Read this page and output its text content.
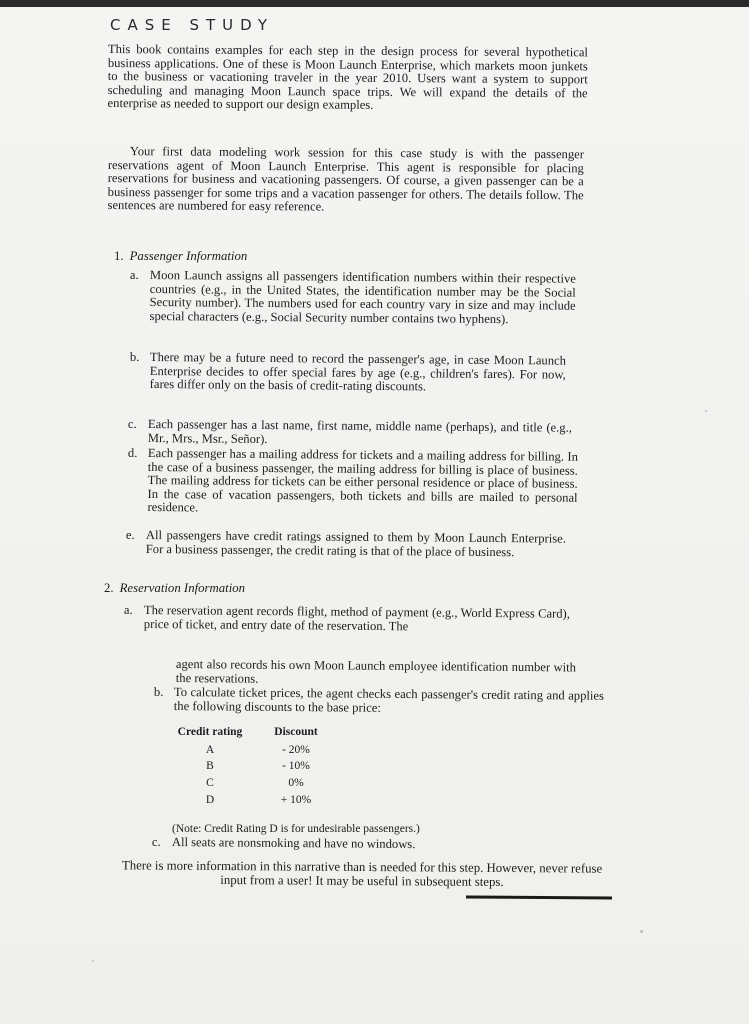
CASE STUDY

This book contains examples for each step in the design process for several hypothetical business applications. One of these is Moon Launch Enterprise, which markets moon junkets to the business or vacationing traveler in the year 2010. Users want a system to support scheduling and managing Moon Launch space trips. We will expand the details of the enterprise as needed to support our design examples.

Your first data modeling work session for this case study is with the passenger reservations agent of Moon Launch Enterprise. This agent is responsible for placing reservations for business and vacationing passengers. Of course, a given passenger can be a business passenger for some trips and a vacation passenger for others. The details follow. The sentences are numbered for easy reference.

1. Passenger Information
a. Moon Launch assigns all passengers identification numbers within their respective countries (e.g., in the United States, the identification number may be the Social Security number). The numbers used for each country vary in size and may include special characters (e.g., Social Security number contains two hyphens).
b. There may be a future need to record the passenger's age, in case Moon Launch Enterprise decides to offer special fares by age (e.g., children's fares). For now, fares differ only on the basis of credit-rating discounts.
c. Each passenger has a last name, first name, middle name (perhaps), and title (e.g., Mr., Mrs., Msr., Señor).
d. Each passenger has a mailing address for tickets and a mailing address for billing. In the case of a business passenger, the mailing address for billing is place of business. The mailing address for tickets can be either personal residence or place of business. In the case of vacation passengers, both tickets and bills are mailed to personal residence.
e. All passengers have credit ratings assigned to them by Moon Launch Enterprise. For a business passenger, the credit rating is that of the place of business.
2. Reservation Information
a. The reservation agent records flight, method of payment (e.g., World Express Card), price of ticket, and entry date of the reservation. The
agent also records his own Moon Launch employee identification number with the reservations.
b. To calculate ticket prices, the agent checks each passenger's credit rating and applies the following discounts to the base price:
Credit rating	Discount
A	- 20%
B	- 10%
C	0%
D	+ 10%
(Note: Credit Rating D is for undesirable passengers.)
c. All seats are nonsmoking and have no windows.
There is more information in this narrative than is needed for this step. However, never refuse input from a user! It may be useful in subsequent steps.
